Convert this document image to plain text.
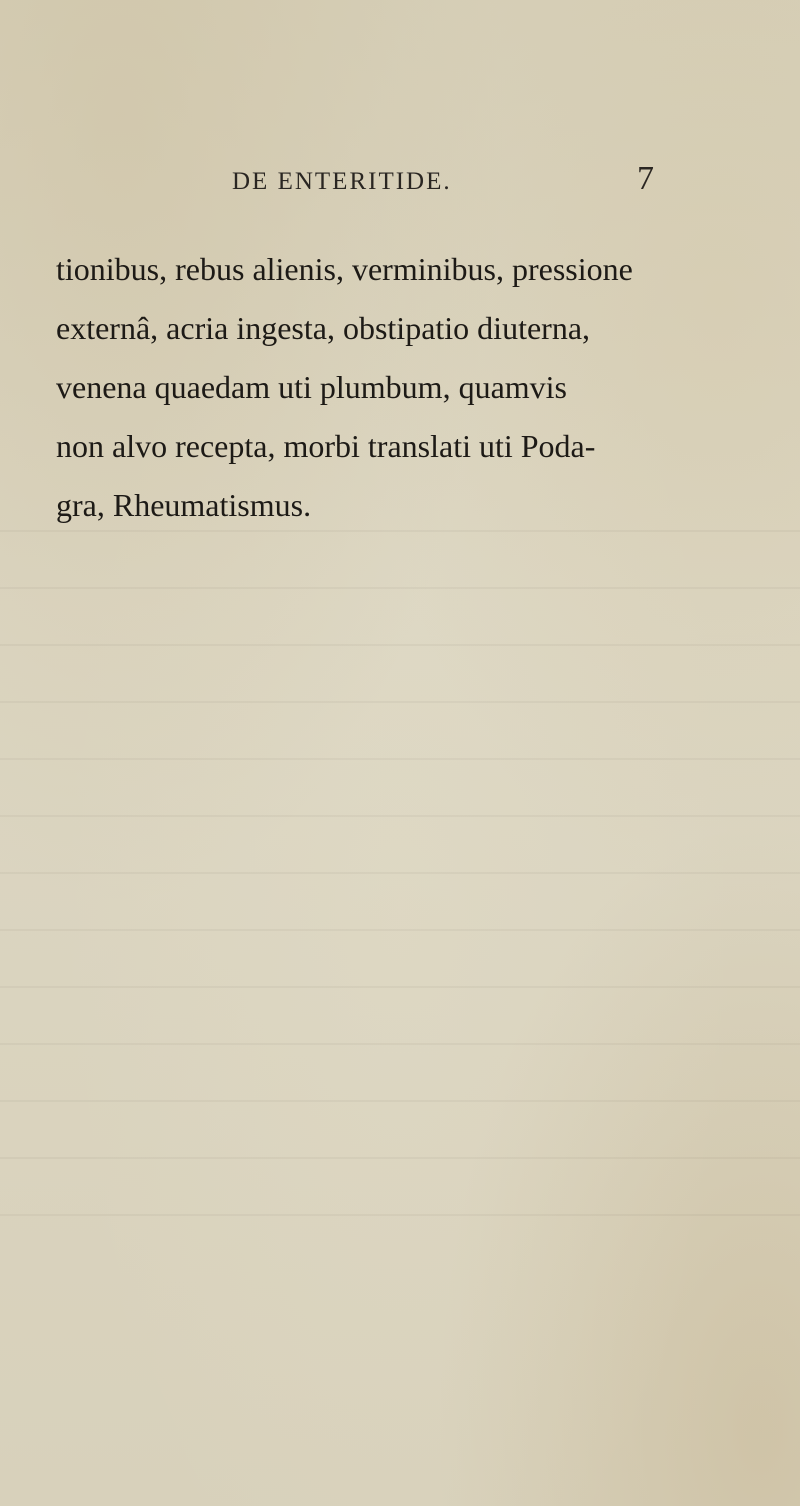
DE ENTERITIDE.	7
tionibus, rebus alienis, verminibus, pressione
externâ, acria ingesta, obstipatio diuterna,
venena quaedam uti plumbum, quamvis
non alvo recepta, morbi translati uti Poda-
gra, Rheumatismus.
